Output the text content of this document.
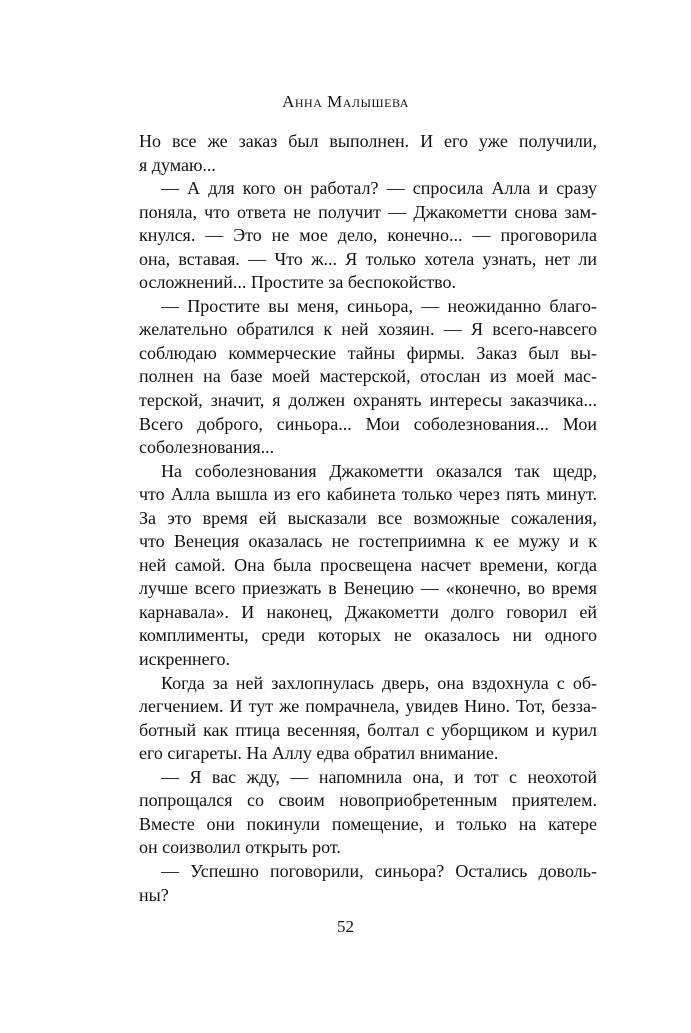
Анна Малышева
Но все же заказ был выполнен. И его уже получили,
я думаю...
— А для кого он работал? — спросила Алла и сразу
поняла, что ответа не получит — Джакометти снова зам-
кнулся. — Это не мое дело, конечно... — проговорила
она, вставая. — Что ж... Я только хотела узнать, нет ли
осложнений... Простите за беспокойство.
— Простите вы меня, синьора, — неожиданно благо-
желательно обратился к ней хозяин. — Я всего-навсего
соблюдаю коммерческие тайны фирмы. Заказ был вы-
полнен на базе моей мастерской, отослан из моей мас-
терской, значит, я должен охранять интересы заказчика...
Всего доброго, синьора... Мои соболезнования... Мои
соболезнования...
На соболезнования Джакометти оказался так щедр,
что Алла вышла из его кабинета только через пять минут.
За это время ей высказали все возможные сожаления,
что Венеция оказалась не гостеприимна к ее мужу и к
ней самой. Она была просвещена насчет времени, когда
лучше всего приезжать в Венецию — «конечно, во время
карнавала». И наконец, Джакометти долго говорил ей
комплименты, среди которых не оказалось ни одного
искреннего.
Когда за ней захлопнулась дверь, она вздохнула с об-
легчением. И тут же помрачнела, увидев Нино. Тот, безза-
ботный как птица весенняя, болтал с уборщиком и курил
его сигареты. На Аллу едва обратил внимание.
— Я вас жду, — напомнила она, и тот с неохотой
попрощался со своим новоприобретенным приятелем.
Вместе они покинули помещение, и только на катере
он соизволил открыть рот.
— Успешно поговорили, синьора? Остались доволь-
ны?
52
